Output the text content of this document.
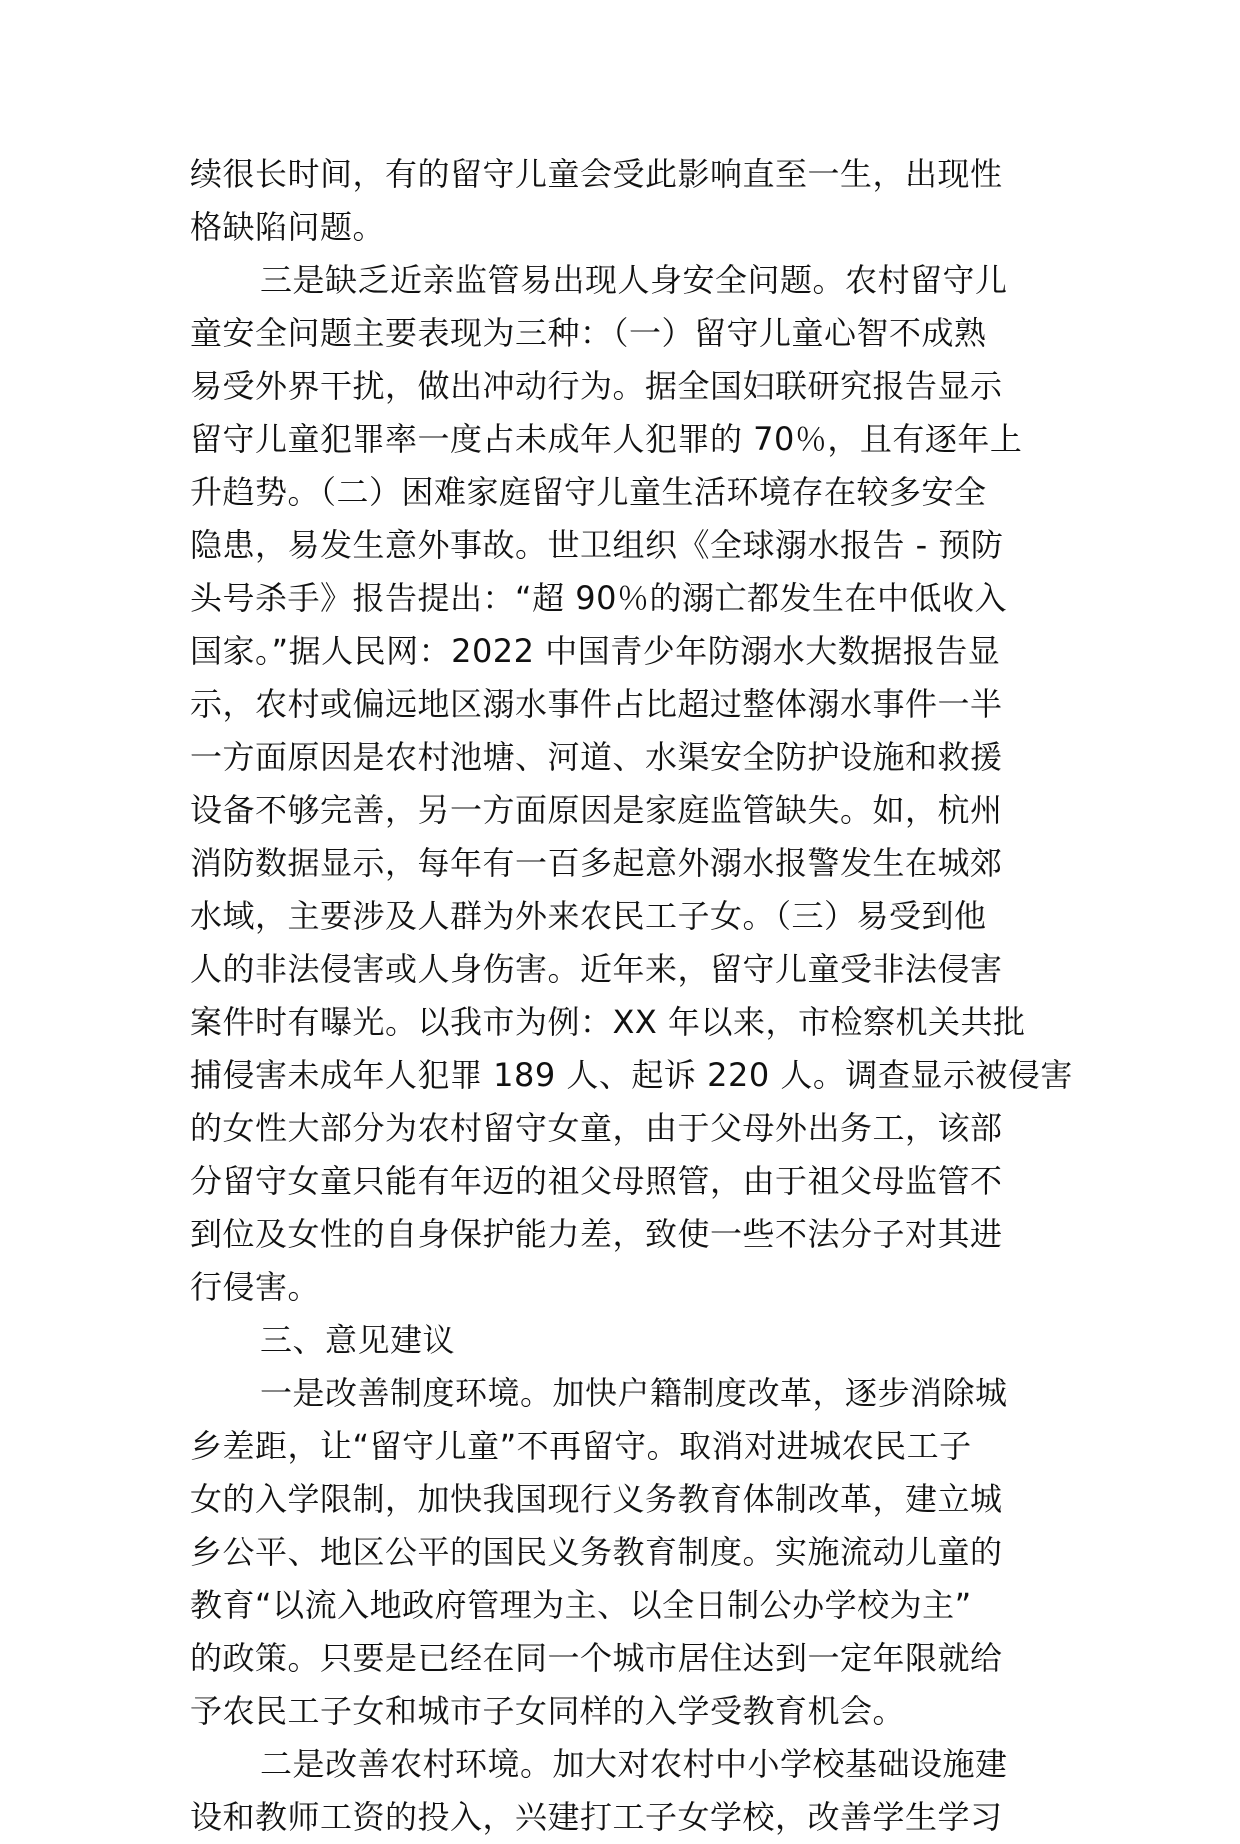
续很长时间，有的留守儿童会受此影响直至一生，出现性
格缺陷问题。
三是缺乏近亲监管易出现人身安全问题。农村留守儿
童安全问题主要表现为三种：（一）留守儿童心智不成熟
易受外界干扰，做出冲动行为。据全国妇联研究报告显示
留守儿童犯罪率一度占未成年人犯罪的 70％，且有逐年上
升趋势。（二）困难家庭留守儿童生活环境存在较多安全
隐患，易发生意外事故。世卫组织《全球溺水报告 - 预防
头号杀手》报告提出：“超 90％的溺亡都发生在中低收入
国家。”据人民网：2022 中国青少年防溺水大数据报告显
示，农村或偏远地区溺水事件占比超过整体溺水事件一半
一方面原因是农村池塘、河道、水渠安全防护设施和救援
设备不够完善，另一方面原因是家庭监管缺失。如，杭州
消防数据显示，每年有一百多起意外溺水报警发生在城郊
水域，主要涉及人群为外来农民工子女。（三）易受到他
人的非法侵害或人身伤害。近年来，留守儿童受非法侵害
案件时有曝光。以我市为例：XX 年以来，市检察机关共批
捕侵害未成年人犯罪 189 人、起诉 220 人。调查显示被侵害
的女性大部分为农村留守女童，由于父母外出务工，该部
分留守女童只能有年迈的祖父母照管，由于祖父母监管不
到位及女性的自身保护能力差，致使一些不法分子对其进
行侵害。
三、意见建议
一是改善制度环境。加快户籍制度改革，逐步消除城
乡差距，让“留守儿童”不再留守。取消对进城农民工子
女的入学限制，加快我国现行义务教育体制改革，建立城
乡公平、地区公平的国民义务教育制度。实施流动儿童的
教育“以流入地政府管理为主、以全日制公办学校为主”
的政策。只要是已经在同一个城市居住达到一定年限就给
予农民工子女和城市子女同样的入学受教育机会。
二是改善农村环境。加大对农村中小学校基础设施建
设和教师工资的投入，兴建打工子女学校，改善学生学习
